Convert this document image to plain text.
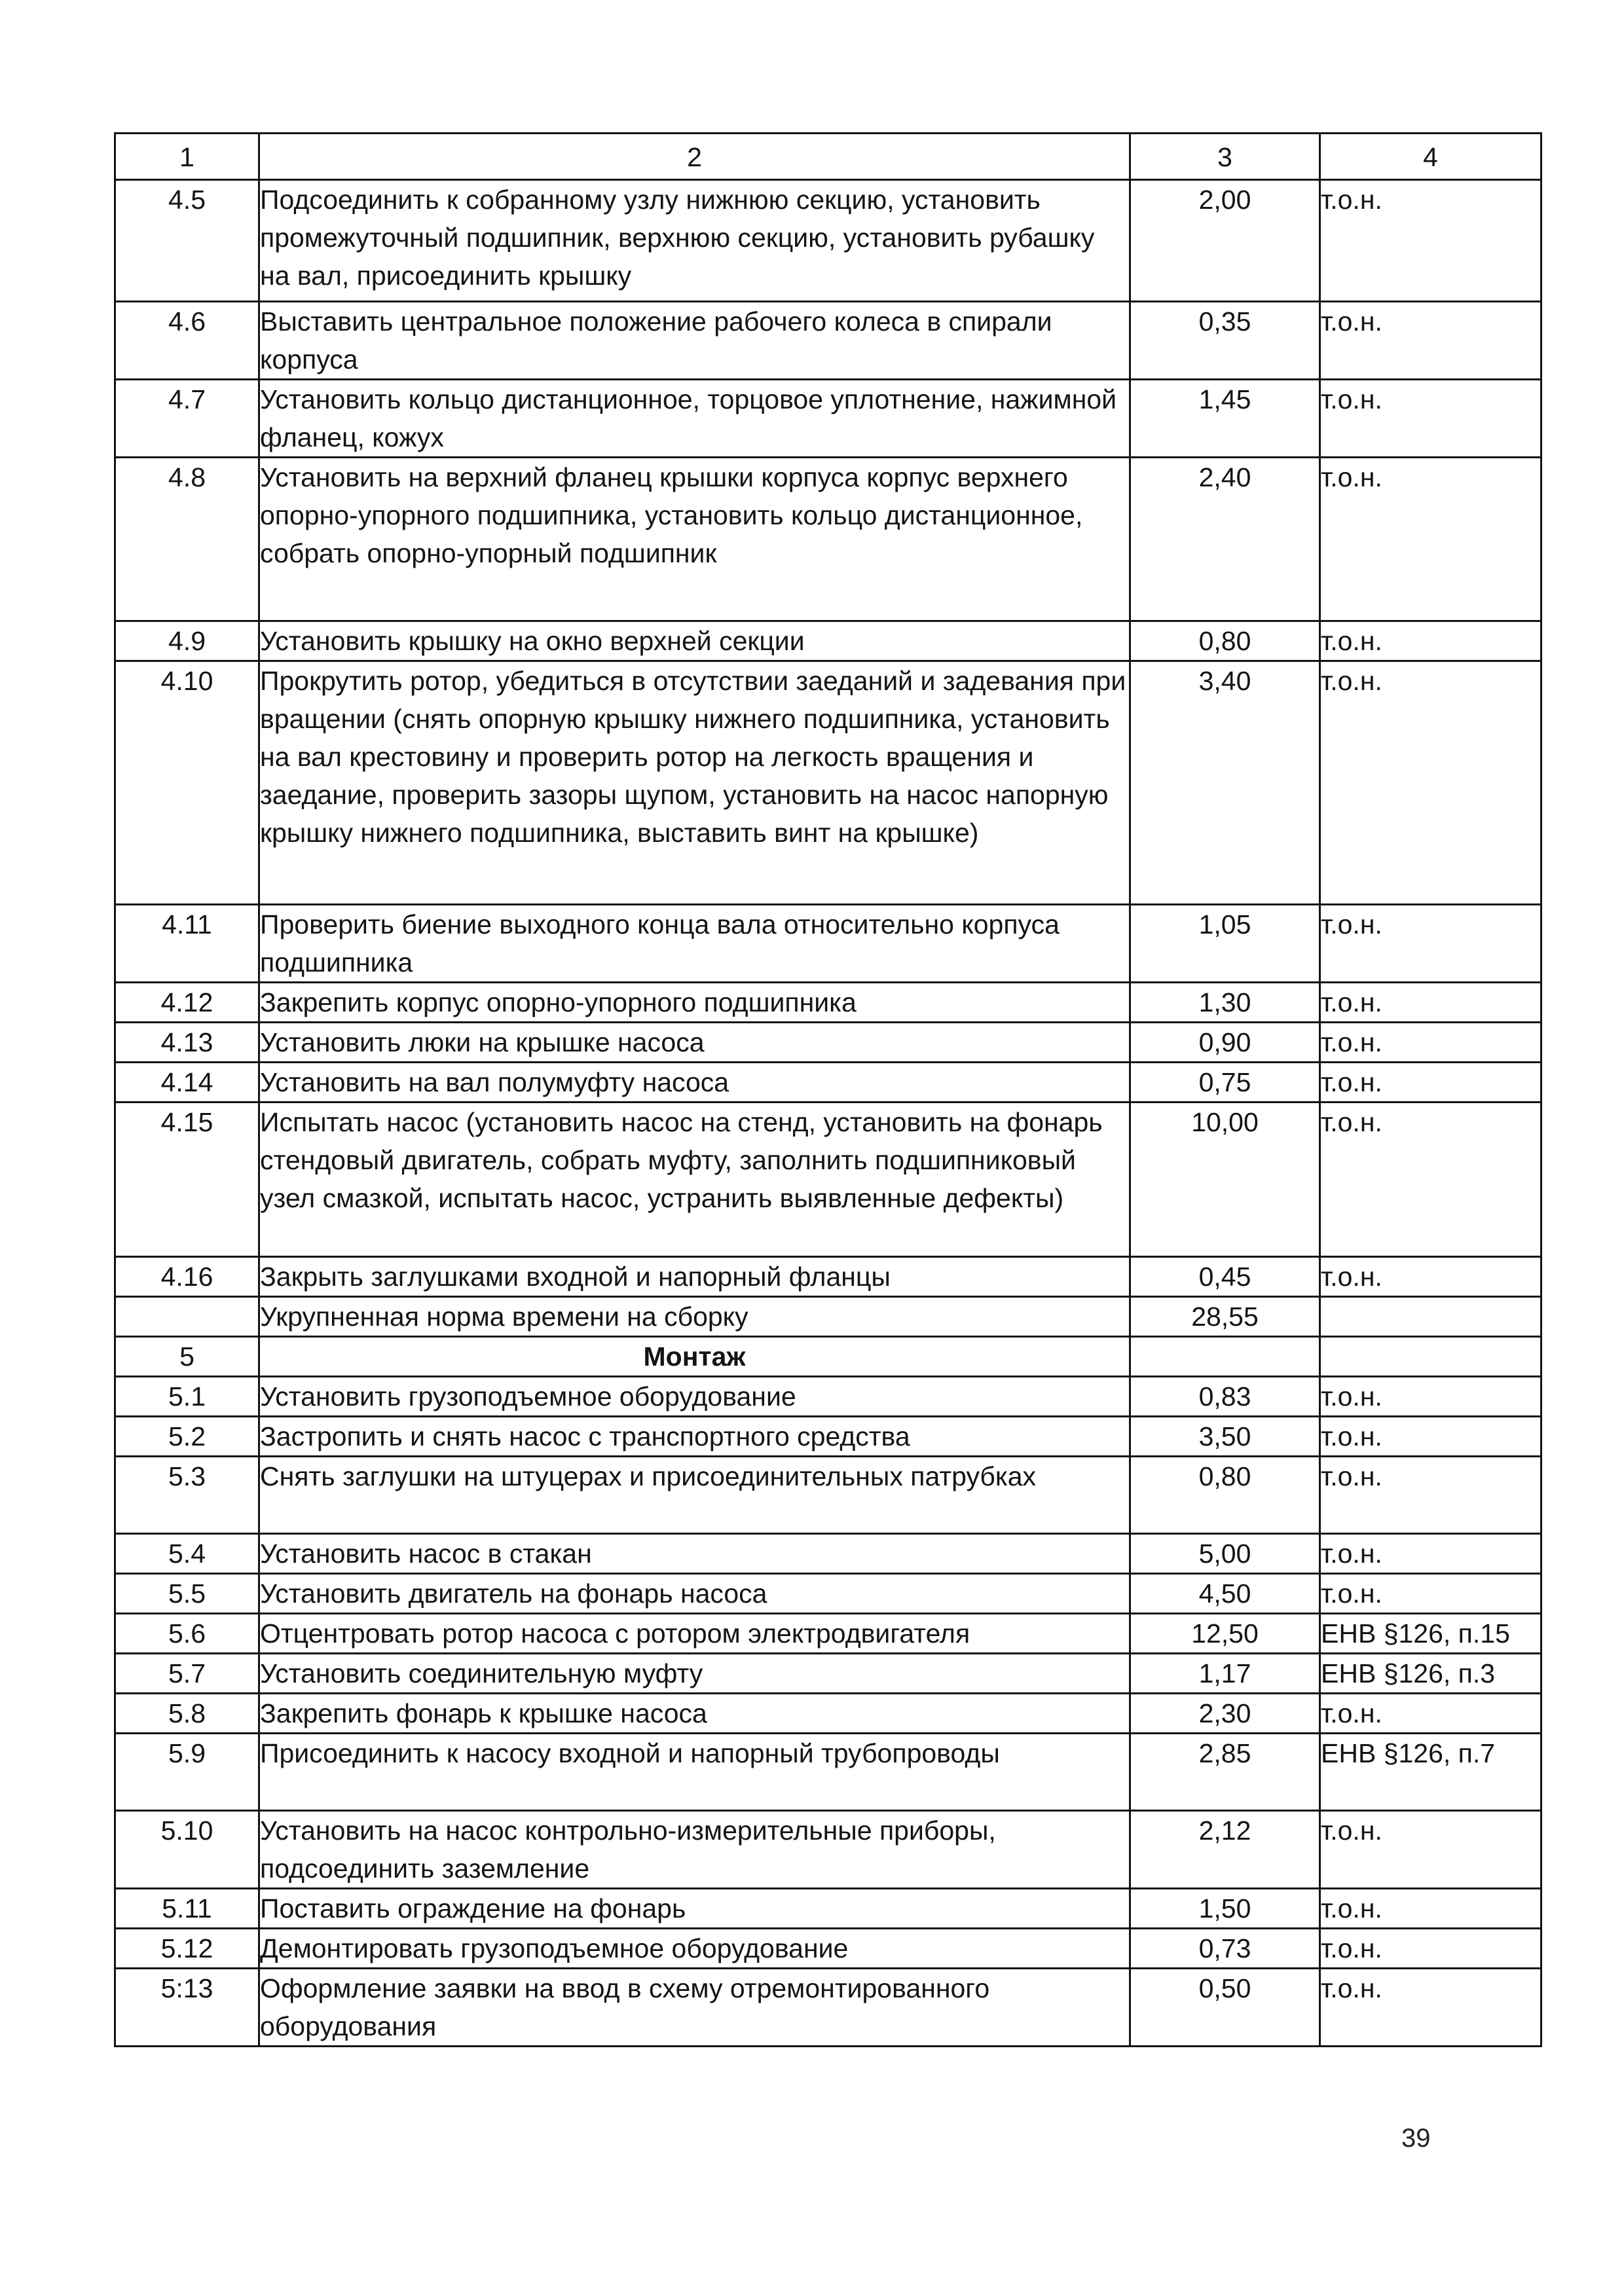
1	2	3	4
4.5	Подсоединить к собранному узлу нижнюю секцию, установить промежуточный подшипник, верхнюю секцию, установить рубашку на вал, присоединить крышку	2,00	т.о.н.
4.6	Выставить центральное положение рабочего колеса в спирали корпуса	0,35	т.о.н.
4.7	Установить кольцо дистанционное, торцовое уплотнение, нажимной фланец, кожух	1,45	т.о.н.
4.8	Установить на верхний фланец крышки корпуса корпус верхнего опорно-упорного подшипника, установить кольцо дистанционное, собрать опорно-упорный подшипник	2,40	т.о.н.
4.9	Установить крышку на окно верхней секции	0,80	т.о.н.
4.10	Прокрутить ротор, убедиться в отсутствии заеданий и задевания при вращении (снять опорную крышку нижнего подшипника, установить на вал крестовину и проверить ротор на легкость вращения и заедание, проверить зазоры щупом, установить на насос напорную крышку нижнего подшипника, выставить винт на крышке)	3,40	т.о.н.
4.11	Проверить биение выходного конца вала относительно корпуса подшипника	1,05	т.о.н.
4.12	Закрепить корпус опорно-упорного подшипника	1,30	т.о.н.
4.13	Установить люки на крышке насоса	0,90	т.о.н.
4.14	Установить на вал полумуфту насоса	0,75	т.о.н.
4.15	Испытать насос (установить насос на стенд, установить на фонарь стендовый двигатель, собрать муфту, заполнить подшипниковый узел смазкой, испытать насос, устранить выявленные дефекты)	10,00	т.о.н.
4.16	Закрыть заглушками входной и напорный фланцы	0,45	т.о.н.
	Укрупненная норма времени на сборку	28,55	
5	Монтаж		
5.1	Установить грузоподъемное оборудование	0,83	т.о.н.
5.2	Застропить и снять насос с транспортного средства	3,50	т.о.н.
5.3	Снять заглушки на штуцерах и присоединительных патрубках	0,80	т.о.н.
5.4	Установить насос в стакан	5,00	т.о.н.
5.5	Установить двигатель на фонарь насоса	4,50	т.о.н.
5.6	Отцентровать ротор насоса с ротором электродвигателя	12,50	ЕНВ §126, п.15
5.7	Установить соединительную муфту	1,17	ЕНВ §126, п.3
5.8	Закрепить фонарь к крышке насоса	2,30	т.о.н.
5.9	Присоединить к насосу входной и напорный трубопроводы	2,85	ЕНВ §126, п.7
5.10	Установить на насос контрольно-измерительные приборы, подсоединить заземление	2,12	т.о.н.
5.11	Поставить ограждение на фонарь	1,50	т.о.н.
5.12	Демонтировать грузоподъемное оборудование	0,73	т.о.н.
5:13	Оформление заявки на ввод в схему отремонтированного оборудования	0,50	т.о.н.
39
